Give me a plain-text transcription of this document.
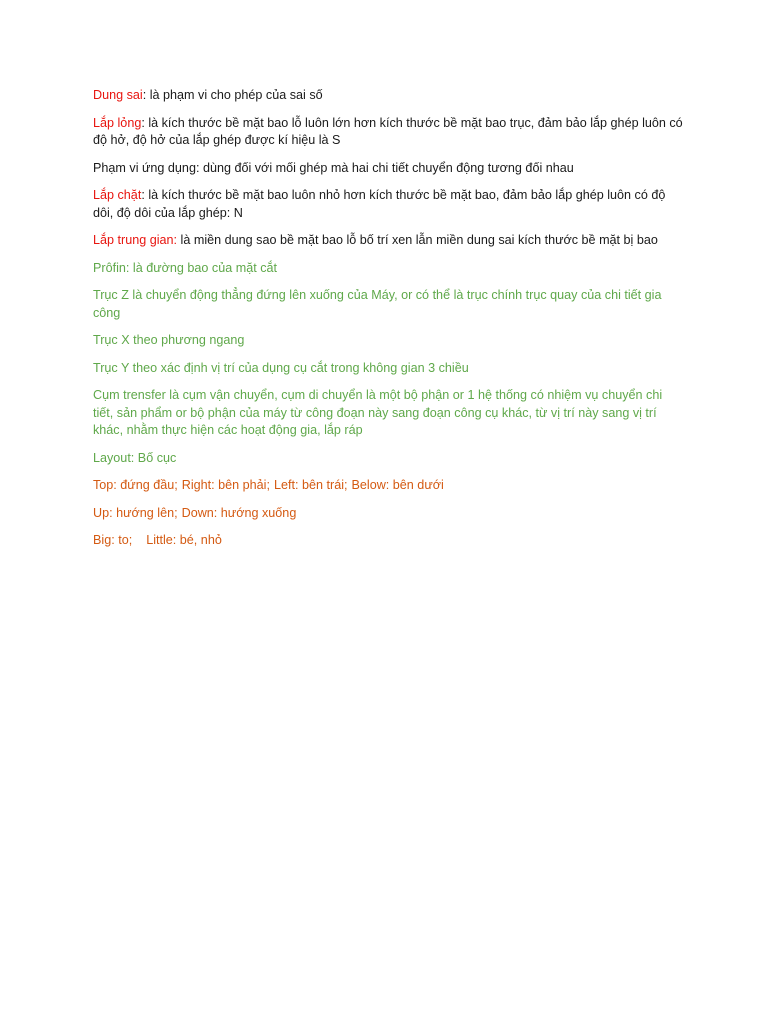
Dung sai: là phạm vi cho phép của sai số

Lắp lỏng: là kích thước bề mặt bao lỗ luôn lớn hơn kích thước bề mặt bao trục, đảm bảo lắp ghép luôn có độ hở, độ hở của lắp ghép được kí hiệu là S

Phạm vi ứng dụng: dùng đối với mối ghép mà hai chi tiết chuyển động tương đối nhau

Lắp chặt: là kích thước bề mặt bao luôn nhỏ hơn kích thước bề mặt bao, đảm bảo lắp ghép luôn có độ dôi, độ dôi của lắp ghép: N

Lắp trung gian: là miền dung sao bề mặt bao lỗ bố trí xen lẫn miền dung sai kích thước bề mặt bị bao

Prôfin: là đường bao của mặt cắt

Trục Z là chuyển động thẳng đứng lên xuống của Máy, or có thể là trục chính trục quay của chi tiết gia công

Trục X theo phương ngang

Trục Y theo xác định vị trí của dụng cụ cắt trong không gian 3 chiều

Cụm trensfer là cụm vận chuyển, cụm di chuyển là một bộ phận or 1 hệ thống có nhiệm vụ chuyển chi tiết, sản phẩm or bộ phận của máy từ công đoạn này sang đoạn công cụ khác, từ vị trí này sang vị trí khác, nhằm thực hiện các hoạt động gia, lắp ráp

Layout: Bố cục

Top: đứng đầu; Right: bên phải; Left: bên trái; Below: bên dưới

Up: hướng lên; Down: hướng xuống

Big: to; Little: bé, nhỏ
